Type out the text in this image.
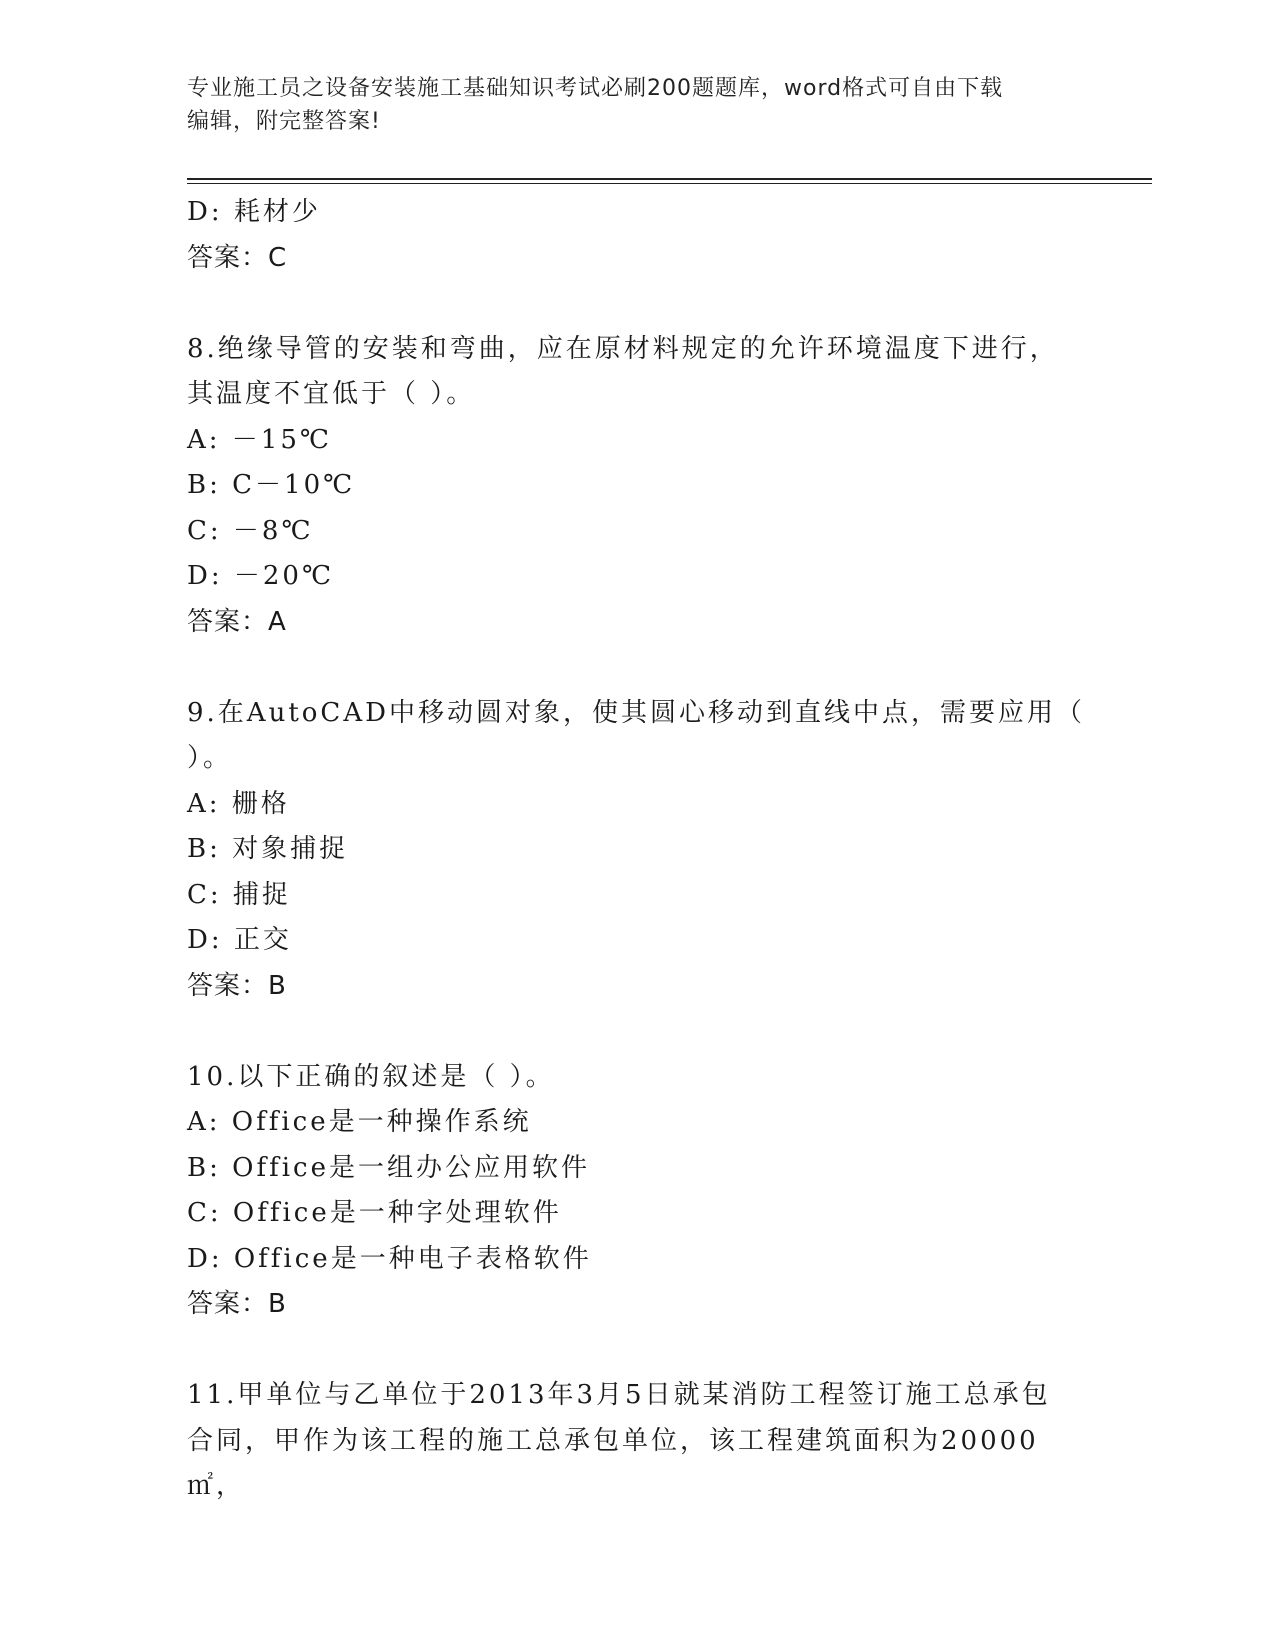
专业施工员之设备安装施工基础知识考试必刷200题题库，word格式可自由下载
编辑，附完整答案!
D: 耗材少
答案：C
8.绝缘导管的安装和弯曲，应在原材料规定的允许环境温度下进行，
其温度不宜低于（ ）。
A: －15℃
B: C－10℃
C: －8℃
D: －20℃
答案：A
9.在AutoCAD中移动圆对象，使其圆心移动到直线中点，需要应用（
）。
A: 栅格
B: 对象捕捉
C: 捕捉
D: 正交
答案：B
10.以下正确的叙述是（ ）。
A: Office是一种操作系统
B: Office是一组办公应用软件
C: Office是一种字处理软件
D: Office是一种电子表格软件
答案：B
11.甲单位与乙单位于2013年3月5日就某消防工程签订施工总承包
合同，甲作为该工程的施工总承包单位，该工程建筑面积为20000㎡，
